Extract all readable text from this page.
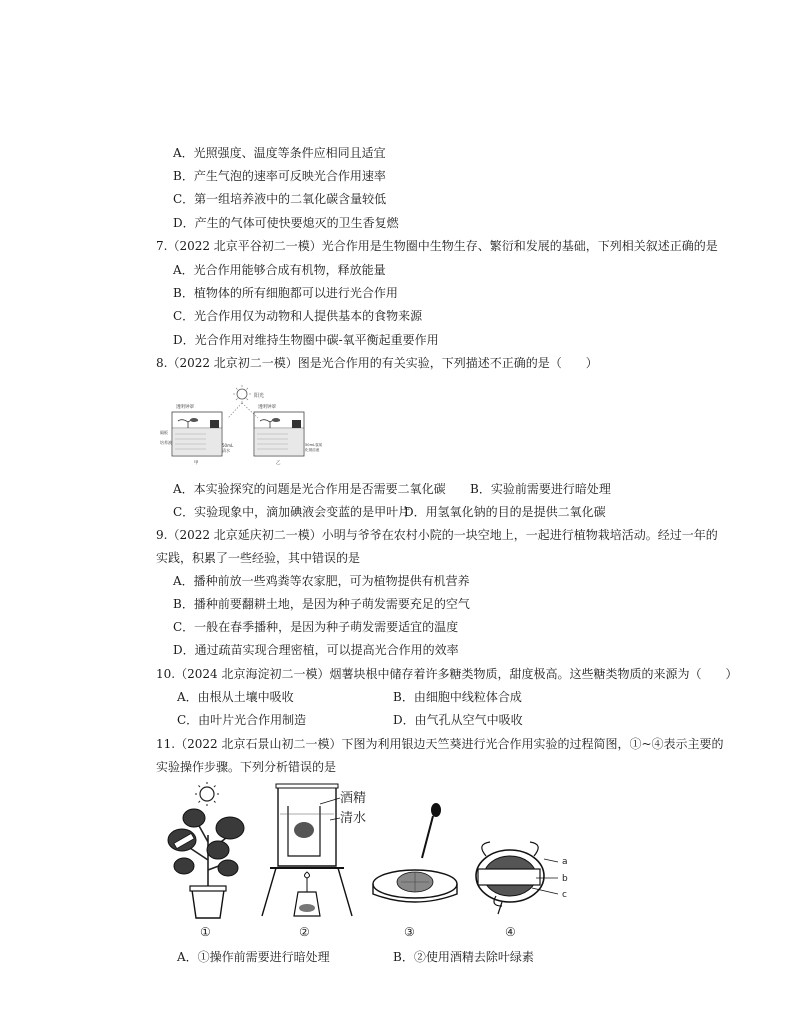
A．光照强度、温度等条件应相同且适宜
B．产生气泡的速率可反映光合作用速率
C．第一组培养液中的二氧化碳含量较低
D．产生的气体可使快要熄灭的卫生香复燃
7.（2022 北京平谷初二一模）光合作用是生物圈中生物生存、繁衍和发展的基础，下列相关叙述正确的是
A．光合作用能够合成有机物，释放能量
B．植物体的所有细胞都可以进行光合作用
C．光合作用仅为动物和人提供基本的食物来源
D．光合作用对维持生物圈中碳-氧平衡起重要作用
8.（2022 北京初二一模）图是光合作用的有关实验，下列描述不正确的是（　　）
阳光
透明钟罩
隔板
培养液
50mL
清水
甲
透明钟罩
50mL氢氧
化钠溶液
乙
A．本实验探究的问题是光合作用是否需要二氧化碳 B．实验前需要进行暗处理
C．实验现象中，滴加碘液会变蓝的是甲叶片
D．用氢氧化钠的目的是提供二氧化碳
9.（2022 北京延庆初二一模）小明与爷爷在农村小院的一块空地上，一起进行植物栽培活动。经过一年的
实践，积累了一些经验，其中错误的是
A．播种前放一些鸡粪等农家肥，可为植物提供有机营养
B．播种前要翻耕土地，是因为种子萌发需要充足的空气
C．一般在春季播种，是因为种子萌发需要适宜的温度
D．通过疏苗实现合理密植，可以提高光合作用的效率
10.（2024 北京海淀初二一模）烟薯块根中储存着许多糖类物质，甜度极高。这些糖类物质的来源为（　　）
A．由根从土壤中吸收	B．由细胞中线粒体合成
C．由叶片光合作用制造	D．由气孔从空气中吸收
11.（2022 北京石景山初二一模）下图为利用银边天竺葵进行光合作用实验的过程简图，①~④表示主要的
实验操作步骤。下列分析错误的是
①
酒精
清水
②	③
a
b
c
④
A．①操作前需要进行暗处理	B．②使用酒精去除叶绿素
